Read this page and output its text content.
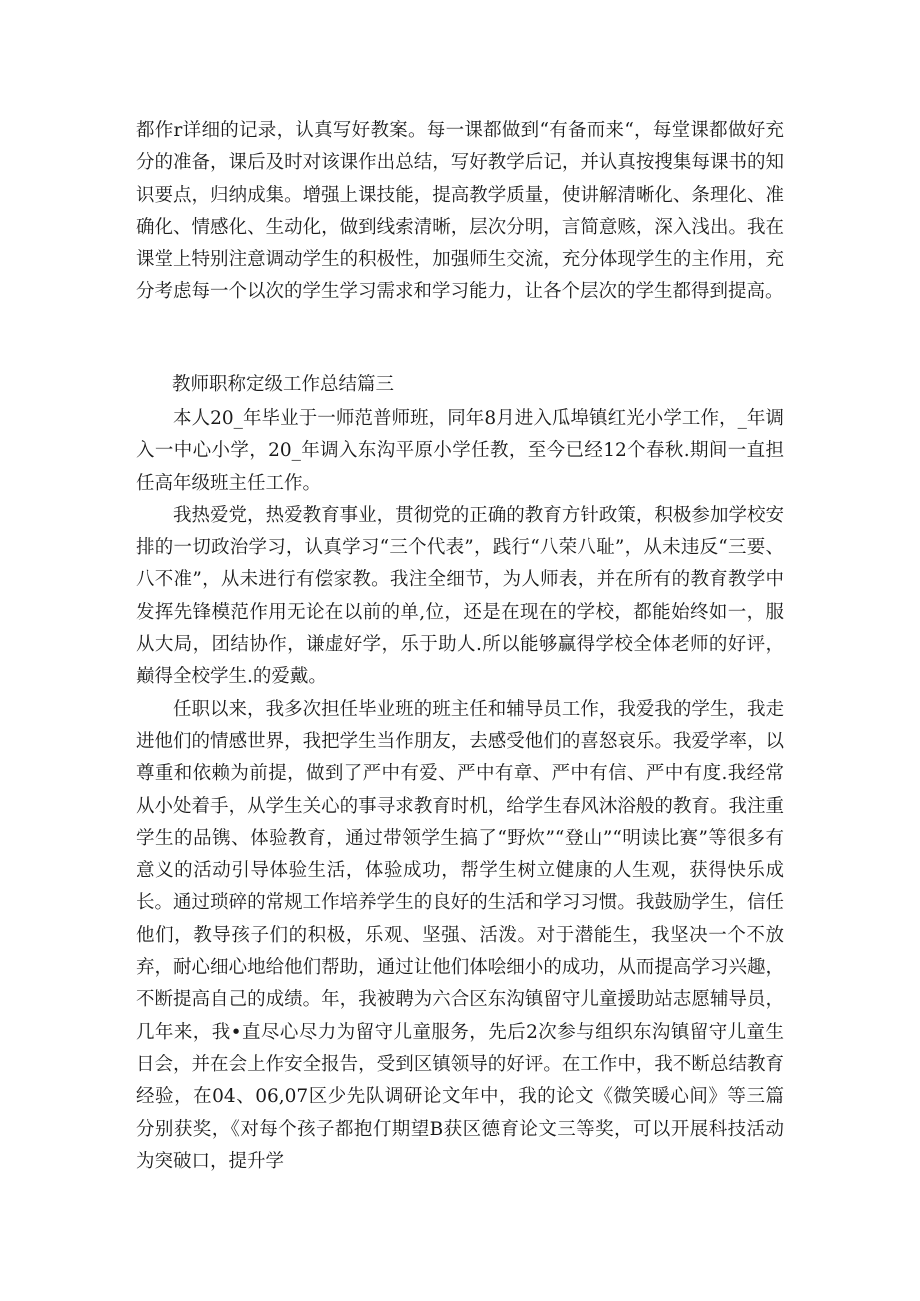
都作r详细的记录，认真写好教案。每一课都做到“有备而来“，每堂课都做好充分的准备，课后及时对该课作出总结，写好教学后记，并认真按搜集每课书的知识要点，归纳成集。增强上课技能，提高教学质量，使讲解清晰化、条理化、准确化、情感化、生动化，做到线索清晰，层次分明，言简意赅，深入浅出。我在课堂上特别注意调动学生的积极性，加强师生交流，充分体现学生的主作用，充分考虑每一个以次的学生学习需求和学习能力，让各个层次的学生都得到提高。

教师职称定级工作总结篇三

本人20_年毕业于一师范普师班，同年8月进入瓜埠镇红光小学工作，_年调入一中心小学，20_年调入东沟平原小学任教，至今已经12个春秋.期间一直担任高年级班主任工作。

我热爱党，热爱教育事业，贯彻党的正确的教育方针政策，积极参加学校安排的一切政治学习，认真学习“三个代表”，践行“八荣八耻”，从未违反“三要、八不准”，从未进行有偿家教。我注全细节，为人师表，并在所有的教育教学中发挥先锋模范作用无论在以前的单,位，还是在现在的学校，都能始终如一，服从大局，团结协作，谦虚好学，乐于助人.所以能够赢得学校全体老师的好评，巅得全校学生.的爱戴。

任职以来，我多次担任毕业班的班主任和辅导员工作，我爱我的学生，我走进他们的情感世界，我把学生当作朋友，去感受他们的喜怒哀乐。我爱学率，以尊重和依赖为前提，做到了严中有爱、严中有章、严中有信、严中有度.我经常从小处着手，从学生关心的事寻求教育时机，给学生春风沐浴般的教育。我注重学生的品镌、体验教育，通过带领学生搞了“野炊”“登山”“明读比赛”等很多有意义的活动引导体验生活，体验成功，帮学生树立健康的人生观，获得快乐成长。通过琐碎的常规工作培养学生的良好的生活和学习习惯。我鼓励学生，信任他们，教导孩子们的积极，乐观、坚强、活泼。对于潜能生，我坚决一个不放弃，耐心细心地给他们帮助，通过让他们体哙细小的成功，从而提高学习兴趣，不断提高自己的成绩。年，我被聘为六合区东沟镇留守儿童援助站志愿辅导员，几年来，我•直尽心尽力为留守儿童服务，先后2次参与组织东沟镇留守儿童生日会，并在会上作安全报告，受到区镇领导的好评。在工作中，我不断总结教育经验，在04、06,07区少先队调研论文年中，我的论文《微笑暖心间》等三篇分别获奖，《对每个孩子都抱仃期望B获区德育论文三等奖，可以开展科技活动为突破口，提升学
